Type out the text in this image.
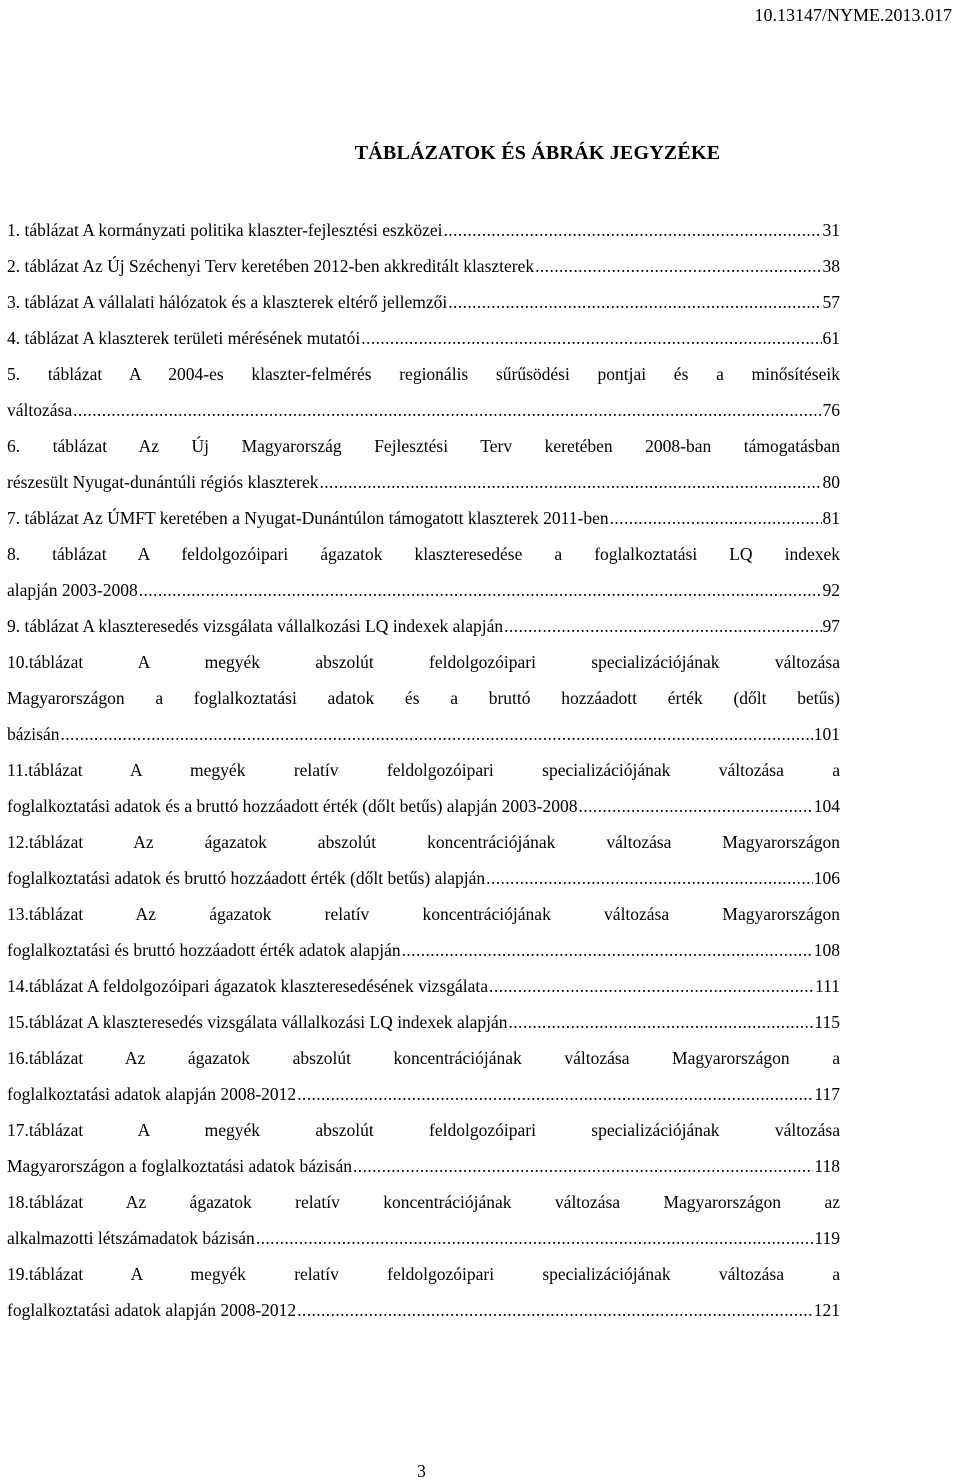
10.13147/NYME.2013.017
TÁBLÁZATOK ÉS ÁBRÁK JEGYZÉKE
1. táblázat A kormányzati politika klaszter-fejlesztési eszközei .....	31
2. táblázat Az Új Széchenyi Terv keretében 2012-ben akkreditált klaszterek .....	38
3. táblázat A vállalati hálózatok és a klaszterek eltérő jellemzői .....	57
4. táblázat A klaszterek területi mérésének mutatói .....	61
5. táblázat A 2004-es klaszter-felmérés regionális sűrűsödési pontjai és a minősítéseik
változása .....	76
6. táblázat Az Új Magyarország Fejlesztési Terv keretében 2008-ban támogatásban
részesült Nyugat-dunántúli régiós klaszterek .....	80
7. táblázat Az ÚMFT keretében a Nyugat-Dunántúlon támogatott klaszterek 2011-ben .....	81
8. táblázat A feldolgozóipari ágazatok klaszteresedése a foglalkoztatási LQ indexek
alapján 2003-2008 .....	92
9. táblázat A klaszteresedés vizsgálata vállalkozási LQ indexek alapján .....	97
10.táblázat A megyék abszolút feldolgozóipari specializációjának változása
Magyarországon a foglalkoztatási adatok és a bruttó hozzáadott érték (dőlt betűs)
bázisán .....	101
11.táblázat A megyék relatív feldolgozóipari specializációjának változása a
foglalkoztatási adatok és a bruttó hozzáadott érték (dőlt betűs) alapján 2003-2008 .....	104
12.táblázat Az ágazatok abszolút koncentrációjának változása Magyarországon
foglalkoztatási adatok és bruttó hozzáadott érték (dőlt betűs) alapján .....	106
13.táblázat Az ágazatok relatív koncentrációjának változása Magyarországon
foglalkoztatási és bruttó hozzáadott érték adatok alapján .....	108
14.táblázat A feldolgozóipari ágazatok klaszteresedésének vizsgálata .....	111
15.táblázat A klaszteresedés vizsgálata vállalkozási LQ indexek alapján .....	115
16.táblázat Az ágazatok abszolút koncentrációjának változása Magyarországon a
foglalkoztatási adatok alapján 2008-2012 .....	117
17.táblázat A megyék abszolút feldolgozóipari specializációjának változása
Magyarországon a foglalkoztatási adatok bázisán .....	118
18.táblázat Az ágazatok relatív koncentrációjának változása Magyarországon az
alkalmazotti létszámadatok bázisán .....	119
19.táblázat A megyék relatív feldolgozóipari specializációjának változása a
foglalkoztatási adatok alapján 2008-2012 .....	121
3
